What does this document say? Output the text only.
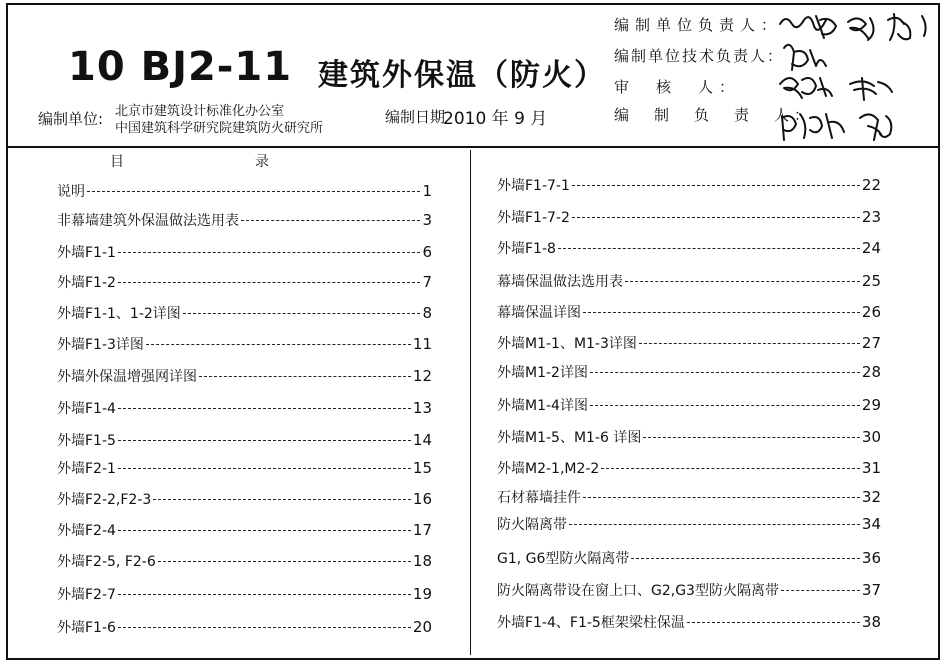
10 BJ2-11 建筑外保温（防火）
编制单位: 北京市建筑设计标准化办公室
中国建筑科学研究院建筑防火研究所
编制日期
2010 年 9 月
编制单位负责人：
编制单位技术负责人：
审　核　人：
编　制　负　责　人：
目	录
说明	1
非幕墙建筑外保温做法选用表	3
外墙F1-1	6
外墙F1-2	7
外墙F1-1、1-2详图	8
外墙F1-3详图	11
外墙外保温增强网详图	12
外墙F1-4	13
外墙F1-5	14
外墙F2-1	15
外墙F2-2,F2-3	16
外墙F2-4	17
外墙F2-5, F2-6	18
外墙F2-7	19
外墙F1-6	20
外墙F1-7-1	22
外墙F1-7-2	23
外墙F1-8	24
幕墙保温做法选用表	25
幕墙保温详图	26
外墙M1-1、M1-3详图	27
外墙M1-2详图	28
外墙M1-4详图	29
外墙M1-5、M1-6 详图	30
外墙M2-1,M2-2	31
石材幕墙挂件	32
防火隔离带	34
G1, G6型防火隔离带	36
防火隔离带设在窗上口、G2,G3型防火隔离带	37
外墙F1-4、F1-5框架梁柱保温	38
